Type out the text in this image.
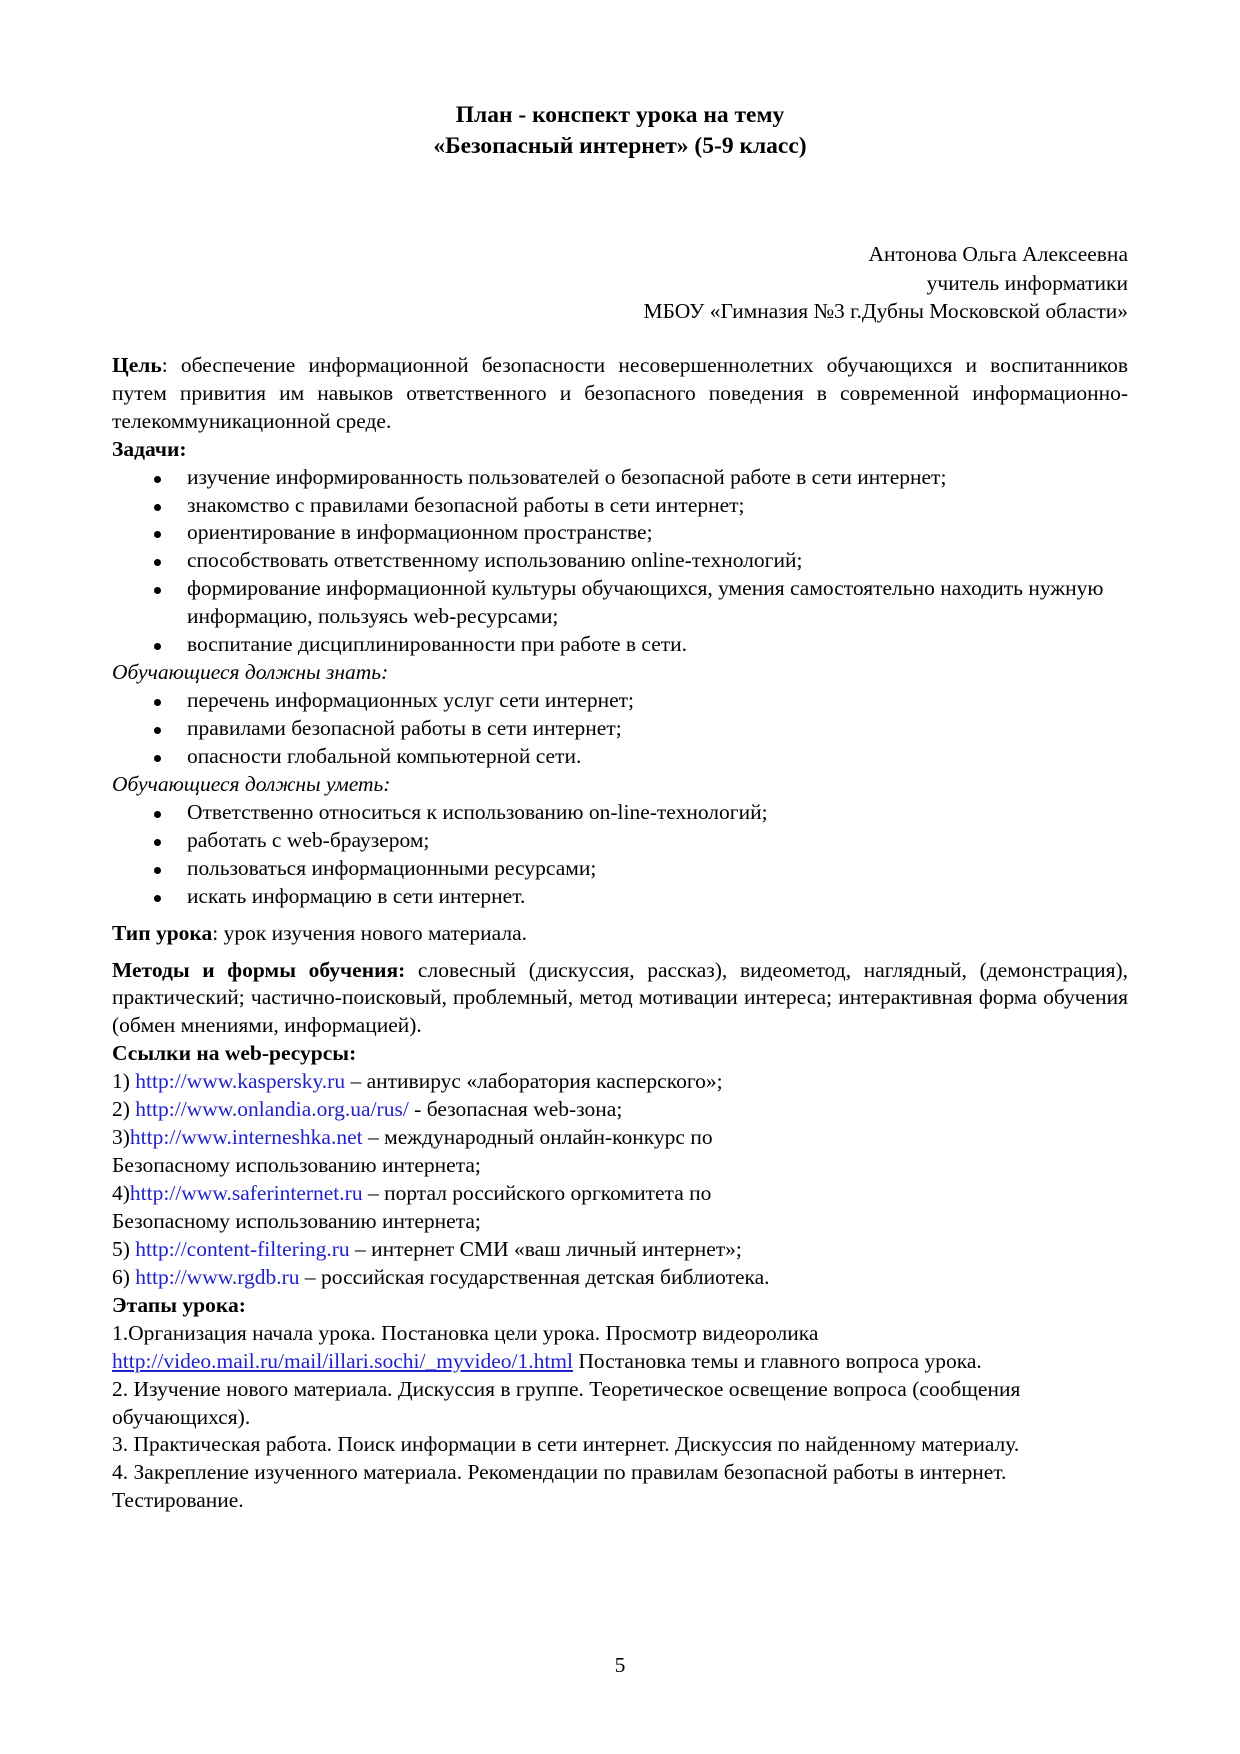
План - конспект урока на тему
«Безопасный интернет» (5-9 класс)
Антонова Ольга Алексеевна
учитель информатики
МБОУ «Гимназия №3 г.Дубны Московской области»

Цель: обеспечение информационной безопасности несовершеннолетних обучающихся и воспитанников путем привития им навыков ответственного и безопасного поведения в современной информационно-телекоммуникационной среде.

Задачи:

изучение информированность пользователей о безопасной работе в сети интернет;
знакомство с правилами безопасной работы в сети интернет;
ориентирование в информационном пространстве;
способствовать ответственному использованию online-технологий;
формирование информационной культуры обучающихся, умения самостоятельно находить нужную информацию, пользуясь web-ресурсами;
воспитание дисциплинированности при работе в сети.

Обучающиеся должны знать:

перечень информационных услуг сети интернет;
правилами безопасной работы в сети интернет;
опасности глобальной компьютерной сети.

Обучающиеся должны уметь:

Ответственно относиться к использованию on-line-технологий;
работать с web-браузером;
пользоваться информационными ресурсами;
искать информацию в сети интернет.

Тип урока: урок изучения нового материала.

Методы и формы обучения: словесный (дискуссия, рассказ), видеометод, наглядный, (демонстрация), практический; частично-поисковый, проблемный, метод мотивации интереса; интерактивная форма обучения (обмен мнениями, информацией).

Ссылки на web-ресурсы:

1) http://www.kaspersky.ru – антивирус «лаборатория касперского»;

2) http://www.onlandia.org.ua/rus/ - безопасная web-зона;

3)http://www.interneshka.net – международный онлайн-конкурс по

Безопасному использованию интернета;

4)http://www.saferinternet.ru – портал российского оргкомитета по

Безопасному использованию интернета;

5) http://content-filtering.ru – интернет СМИ «ваш личный интернет»;

6) http://www.rgdb.ru – российская государственная детская библиотека.

Этапы урока:

1.Организация начала урока. Постановка цели урока. Просмотр видеоролика

http://video.mail.ru/mail/illari.sochi/_myvideo/1.html Постановка темы и главного вопроса урока.

2. Изучение нового материала. Дискуссия в группе. Теоретическое освещение вопроса (сообщения обучающихся).

3. Практическая работа. Поиск информации в сети интернет. Дискуссия по найденному материалу.

4. Закрепление изученного материала. Рекомендации по правилам безопасной работы в интернет. Тестирование.

5
